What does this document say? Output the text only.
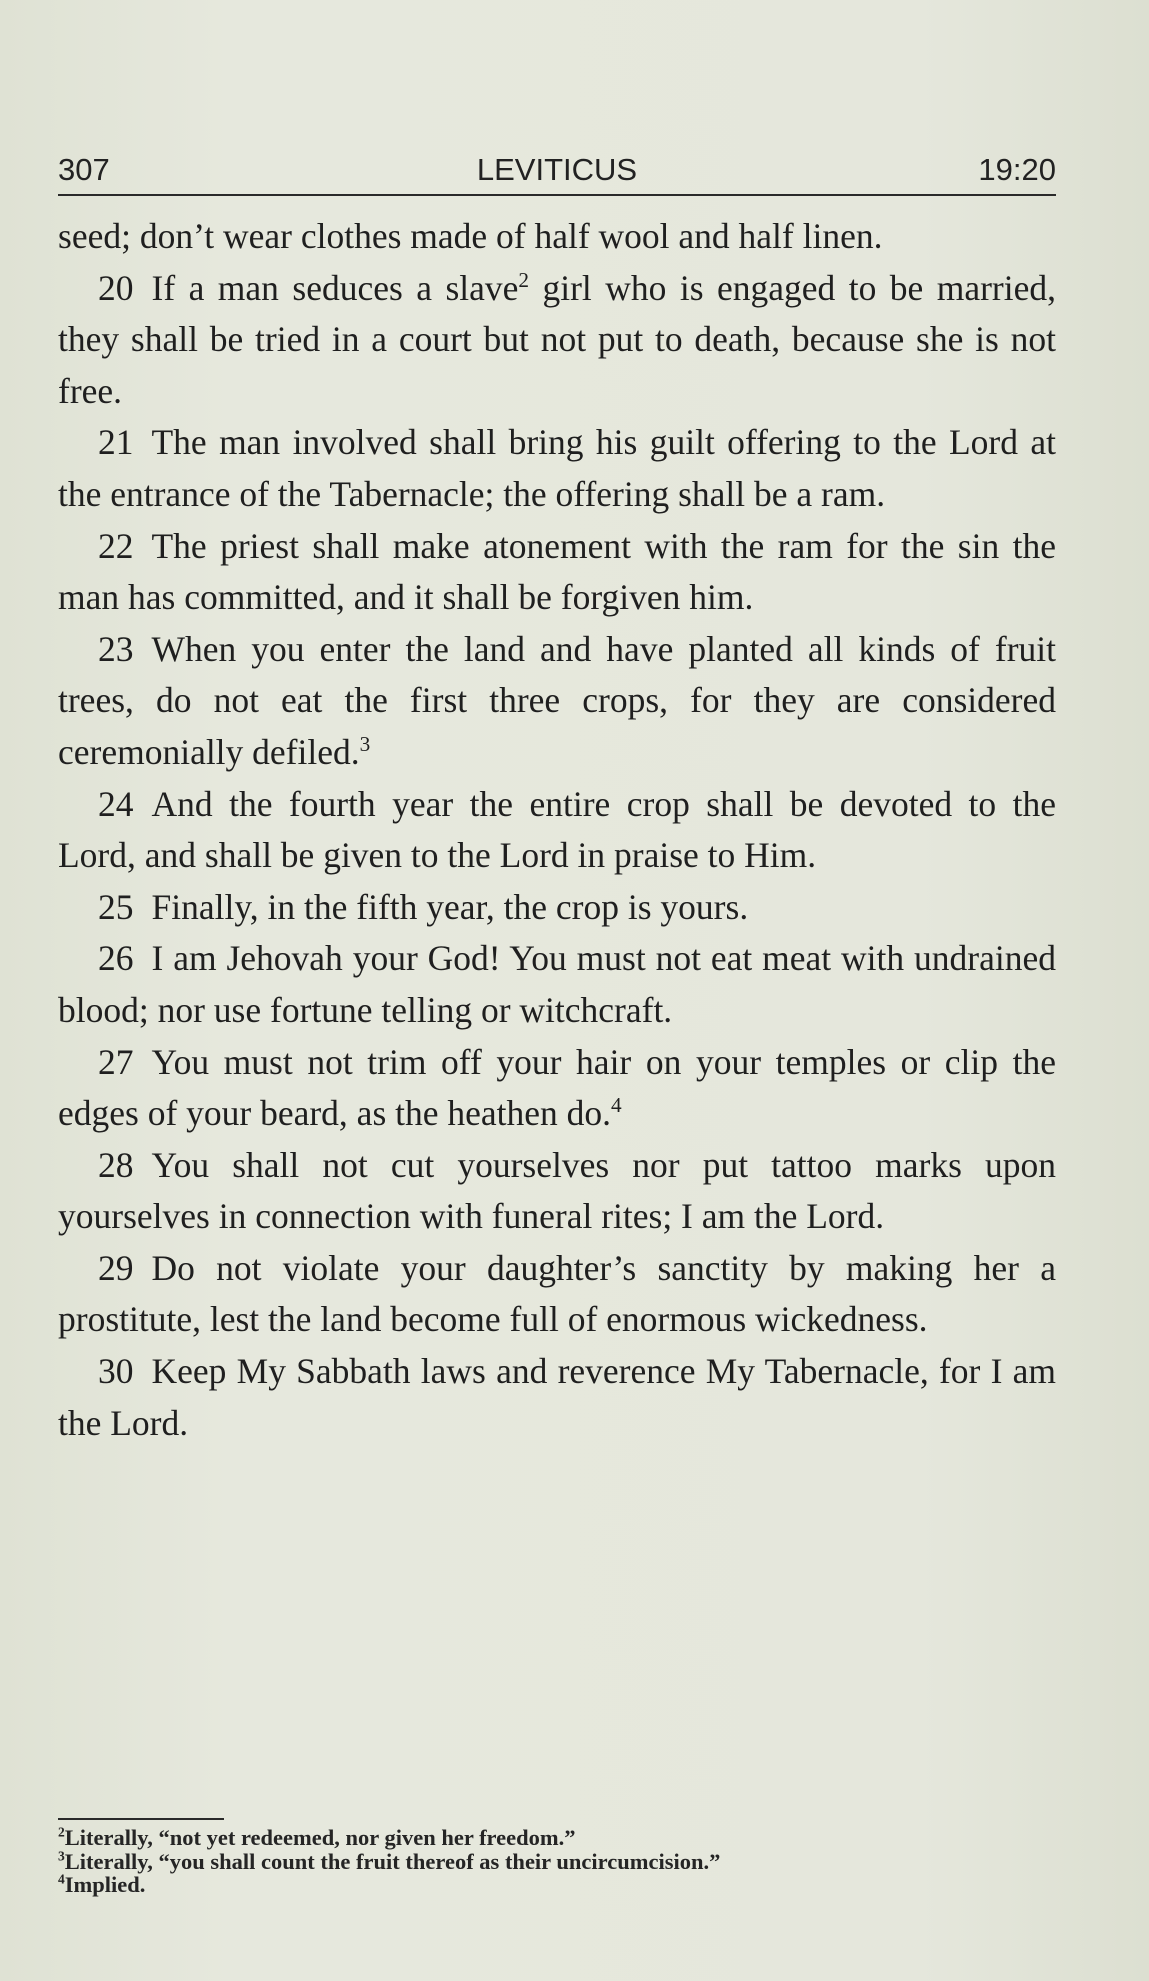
307	LEVITICUS	19:20

seed; don’t wear clothes made of half wool and half linen.

20 If a man seduces a slave$^2$ girl who is engaged to be married, they shall be tried in a court but not put to death, because she is not free.

21 The man involved shall bring his guilt offering to the Lord at the entrance of the Tabernacle; the offering shall be a ram.

22 The priest shall make atonement with the ram for the sin the man has committed, and it shall be forgiven him.

23 When you enter the land and have planted all kinds of fruit trees, do not eat the first three crops, for they are considered ceremonially defiled.$^3$

24 And the fourth year the entire crop shall be devoted to the Lord, and shall be given to the Lord in praise to Him.

25 Finally, in the fifth year, the crop is yours.

26 I am Jehovah your God! You must not eat meat with undrained blood; nor use fortune telling or witchcraft.

27 You must not trim off your hair on your temples or clip the edges of your beard, as the heathen do.$^4$

28 You shall not cut yourselves nor put tattoo marks upon yourselves in connection with funeral rites; I am the Lord.

29 Do not violate your daughter’s sanctity by making her a prostitute, lest the land become full of enormous wickedness.

30 Keep My Sabbath laws and reverence My Tabernacle, for I am the Lord.

$^2$Literally, “not yet redeemed, nor given her freedom.”
$^3$Literally, “you shall count the fruit thereof as their uncircumcision.”
$^4$Implied.
